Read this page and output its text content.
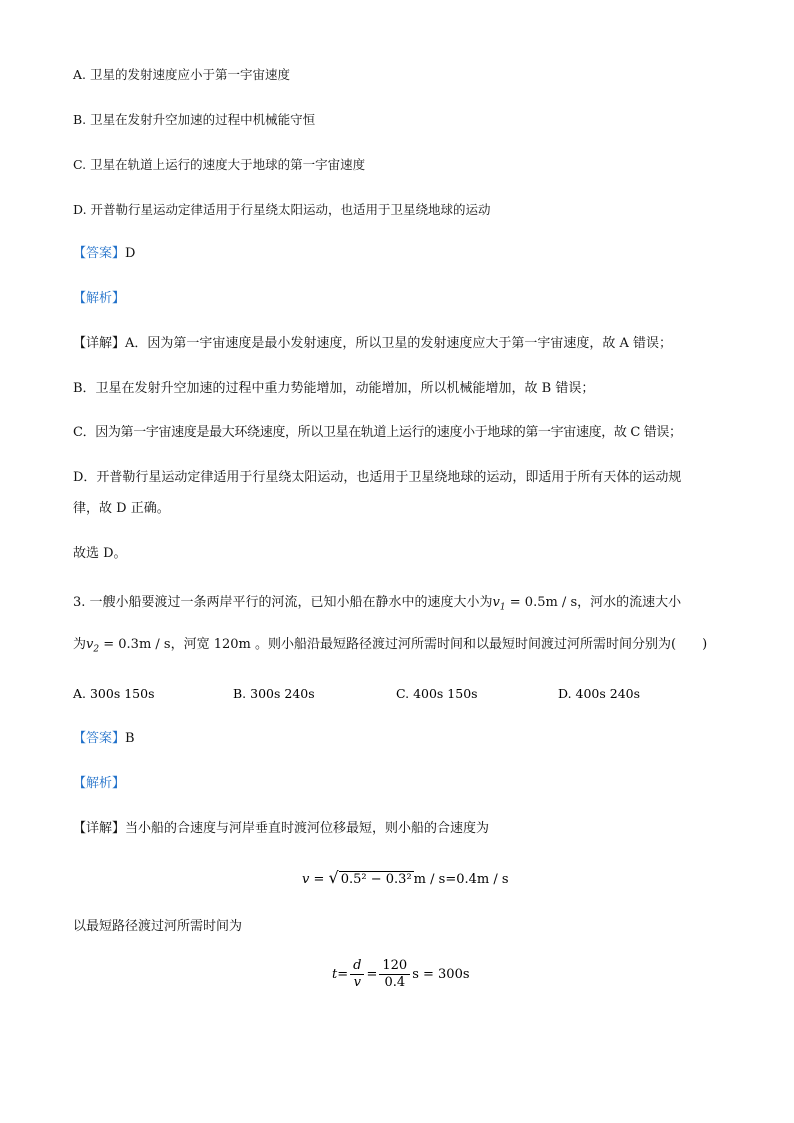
A. 卫星的发射速度应小于第一宇宙速度
B. 卫星在发射升空加速的过程中机械能守恒
C. 卫星在轨道上运行的速度大于地球的第一宇宙速度
D. 开普勒行星运动定律适用于行星绕太阳运动，也适用于卫星绕地球的运动
【答案】D
【解析】
【详解】A．因为第一宇宙速度是最小发射速度，所以卫星的发射速度应大于第一宇宙速度，故 A 错误；
B．卫星在发射升空加速的过程中重力势能增加，动能增加，所以机械能增加，故 B 错误；
C．因为第一宇宙速度是最大环绕速度，所以卫星在轨道上运行的速度小于地球的第一宇宙速度，故 C 错误；
D．开普勒行星运动定律适用于行星绕太阳运动，也适用于卫星绕地球的运动，即适用于所有天体的运动规
律，故 D 正确。
故选 D。
3. 一艘小船要渡过一条两岸平行的河流，已知小船在静水中的速度大小为$v_1 = 0.5m / s$，河水的流速大小
为$v_2 = 0.3m / s$，河宽 120m 。则小船沿最短路径渡过河所需时间和以最短时间渡过河所需时间分别为( )
A. 300s 150s	B. 300s 240s	C. 400s 150s	D. 400s 240s
【答案】B
【解析】
【详解】当小船的合速度与河岸垂直时渡河位移最短，则小船的合速度为
v = √ 0.5² − 0.3² m / s=0.4m / s
以最短路径渡过河所需时间为
$t = \frac{d}{v} = \frac{120}{0.4}$ s = 300s
